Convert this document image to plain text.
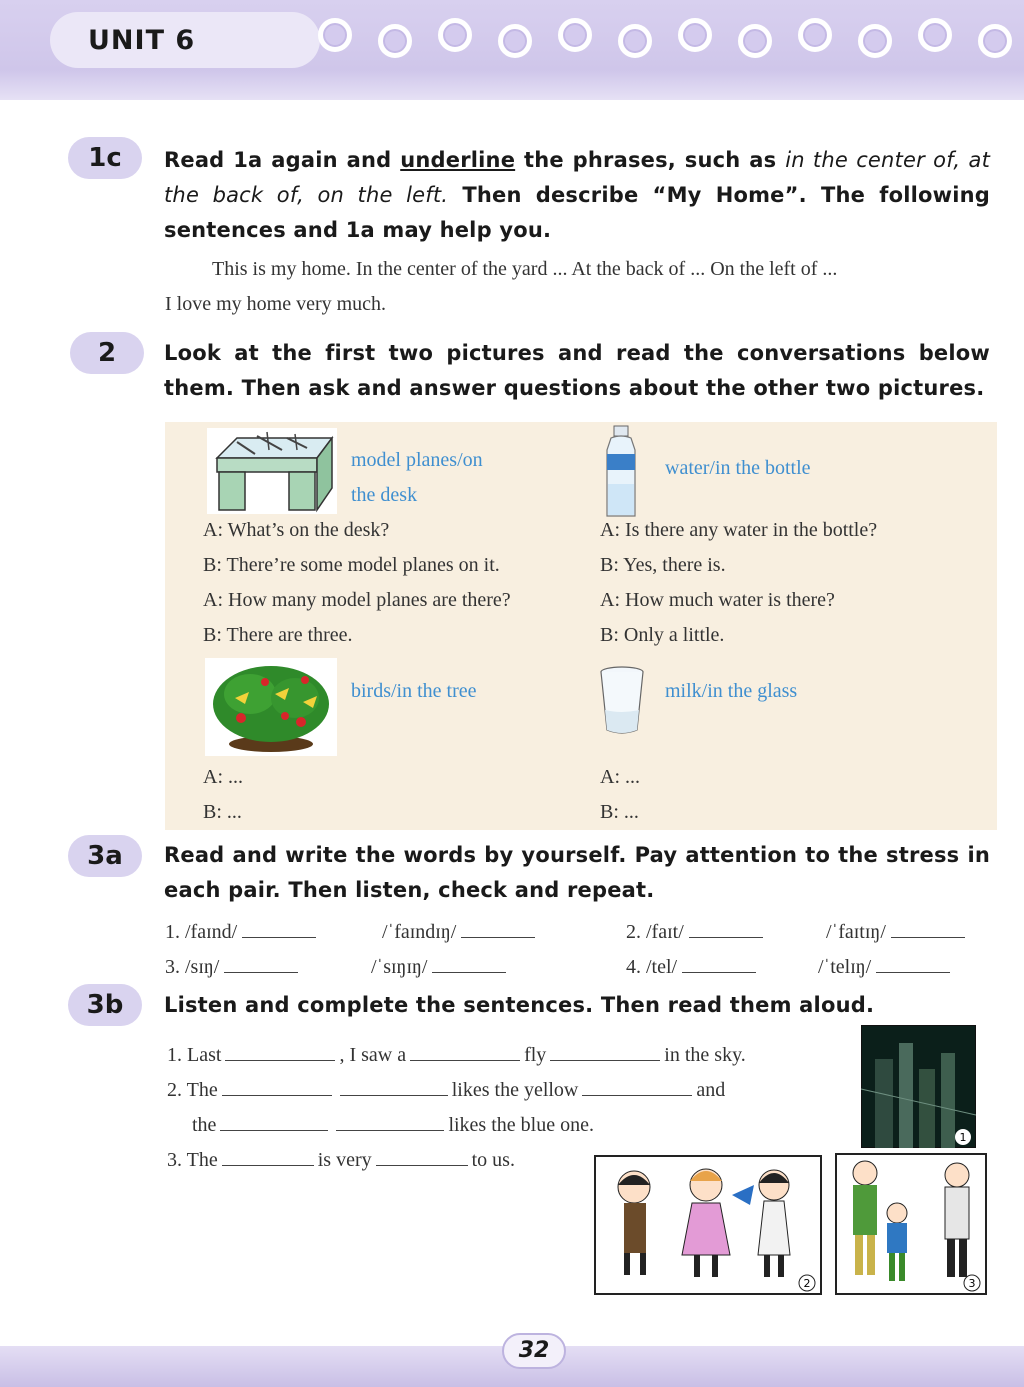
UNIT 6
1c	Read 1a again and underline the phrases, such as in the center of, at the back of, on the left. Then describe “My Home”. The following sentences and 1a may help you.
This is my home. In the center of the yard ... At the back of ... On the left of ...
I love my home very much.
2	Look at the first two pictures and read the conversations below them. Then ask and answer questions about the other two pictures.
model planes/on
the desk
water/in the bottle
A: What’s on the desk?
B: There’re some model planes on it.
A: How many model planes are there?
B: There are three.
A: Is there any water in the bottle?
B: Yes, there is.
A: How much water is there?
B: Only a little.
birds/in the tree	milk/in the glass
A: ...
B: ...
A: ...
B: ...
3a	Read and write the words by yourself. Pay attention to the stress in each pair. Then listen, check and repeat.
1. /faɪnd/	/ˈfaɪndɪŋ/	2. /faɪt/	/ˈfaɪtɪŋ/
3. /sɪŋ/	/ˈsɪŋɪŋ/	4. /tel/	/ˈtelɪŋ/
3b	Listen and complete the sentences. Then read them aloud.
1. Last	, I saw a	fly	in the sky.
2. The	likes the yellow	and
the	likes the blue one.
3. The	is very	to us.
1
2	3
32
